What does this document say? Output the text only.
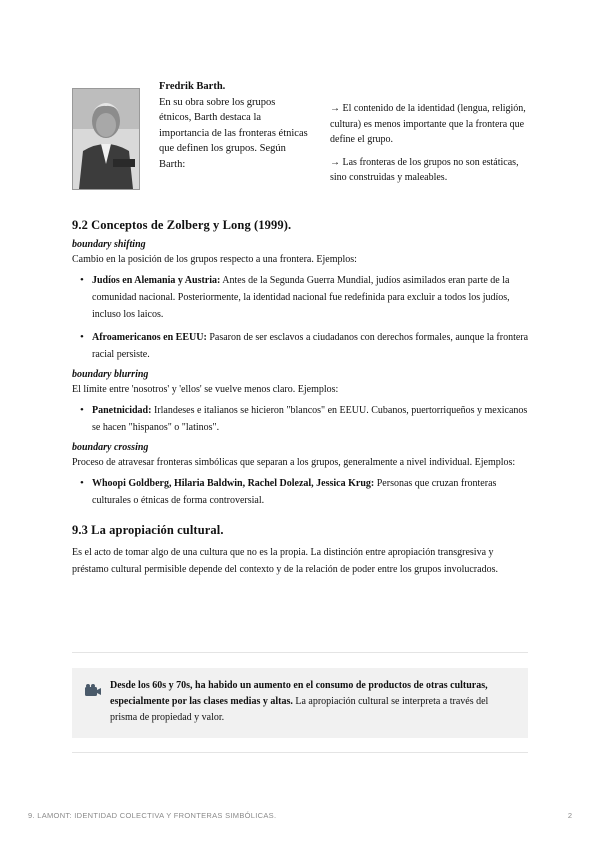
Fredrik Barth.
En su obra sobre los grupos étnicos, Barth destaca la importancia de las fronteras étnicas que definen los grupos. Según Barth:

→ El contenido de la identidad (lengua, religión, cultura) es menos importante que la frontera que define el grupo.

→ Las fronteras de los grupos no son estáticas, sino construidas y maleables.

9.2 Conceptos de Zolberg y Long (1999).
boundary shifting
Cambio en la posición de los grupos respecto a una frontera. Ejemplos:
• Judíos en Alemania y Austria: Antes de la Segunda Guerra Mundial, judíos asimilados eran parte de la comunidad nacional. Posteriormente, la identidad nacional fue redefinida para excluir a todos los judíos, incluso los laicos.
• Afroamericanos en EEUU: Pasaron de ser esclavos a ciudadanos con derechos formales, aunque la frontera racial persiste.
boundary blurring
El límite entre 'nosotros' y 'ellos' se vuelve menos claro. Ejemplos:
• Panetnicidad: Irlandeses e italianos se hicieron "blancos" en EEUU. Cubanos, puertorriqueños y mexicanos se hacen "hispanos" o "latinos".
boundary crossing
Proceso de atravesar fronteras simbólicas que separan a los grupos, generalmente a nivel individual. Ejemplos:
• Whoopi Goldberg, Hilaria Baldwin, Rachel Dolezal, Jessica Krug: Personas que cruzan fronteras culturales o étnicas de forma controversial.
9.3 La apropiación cultural.
Es el acto de tomar algo de una cultura que no es la propia. La distinción entre apropiación transgresiva y préstamo cultural permisible depende del contexto y de la relación de poder entre los grupos involucrados.
Desde los 60s y 70s, ha habido un aumento en el consumo de productos de otras culturas, especialmente por las clases medias y altas. La apropiación cultural se interpreta a través del prisma de propiedad y valor.
9. LAMONT: IDENTIDAD COLECTIVA Y FRONTERAS SIMBÓLICAS.	2
